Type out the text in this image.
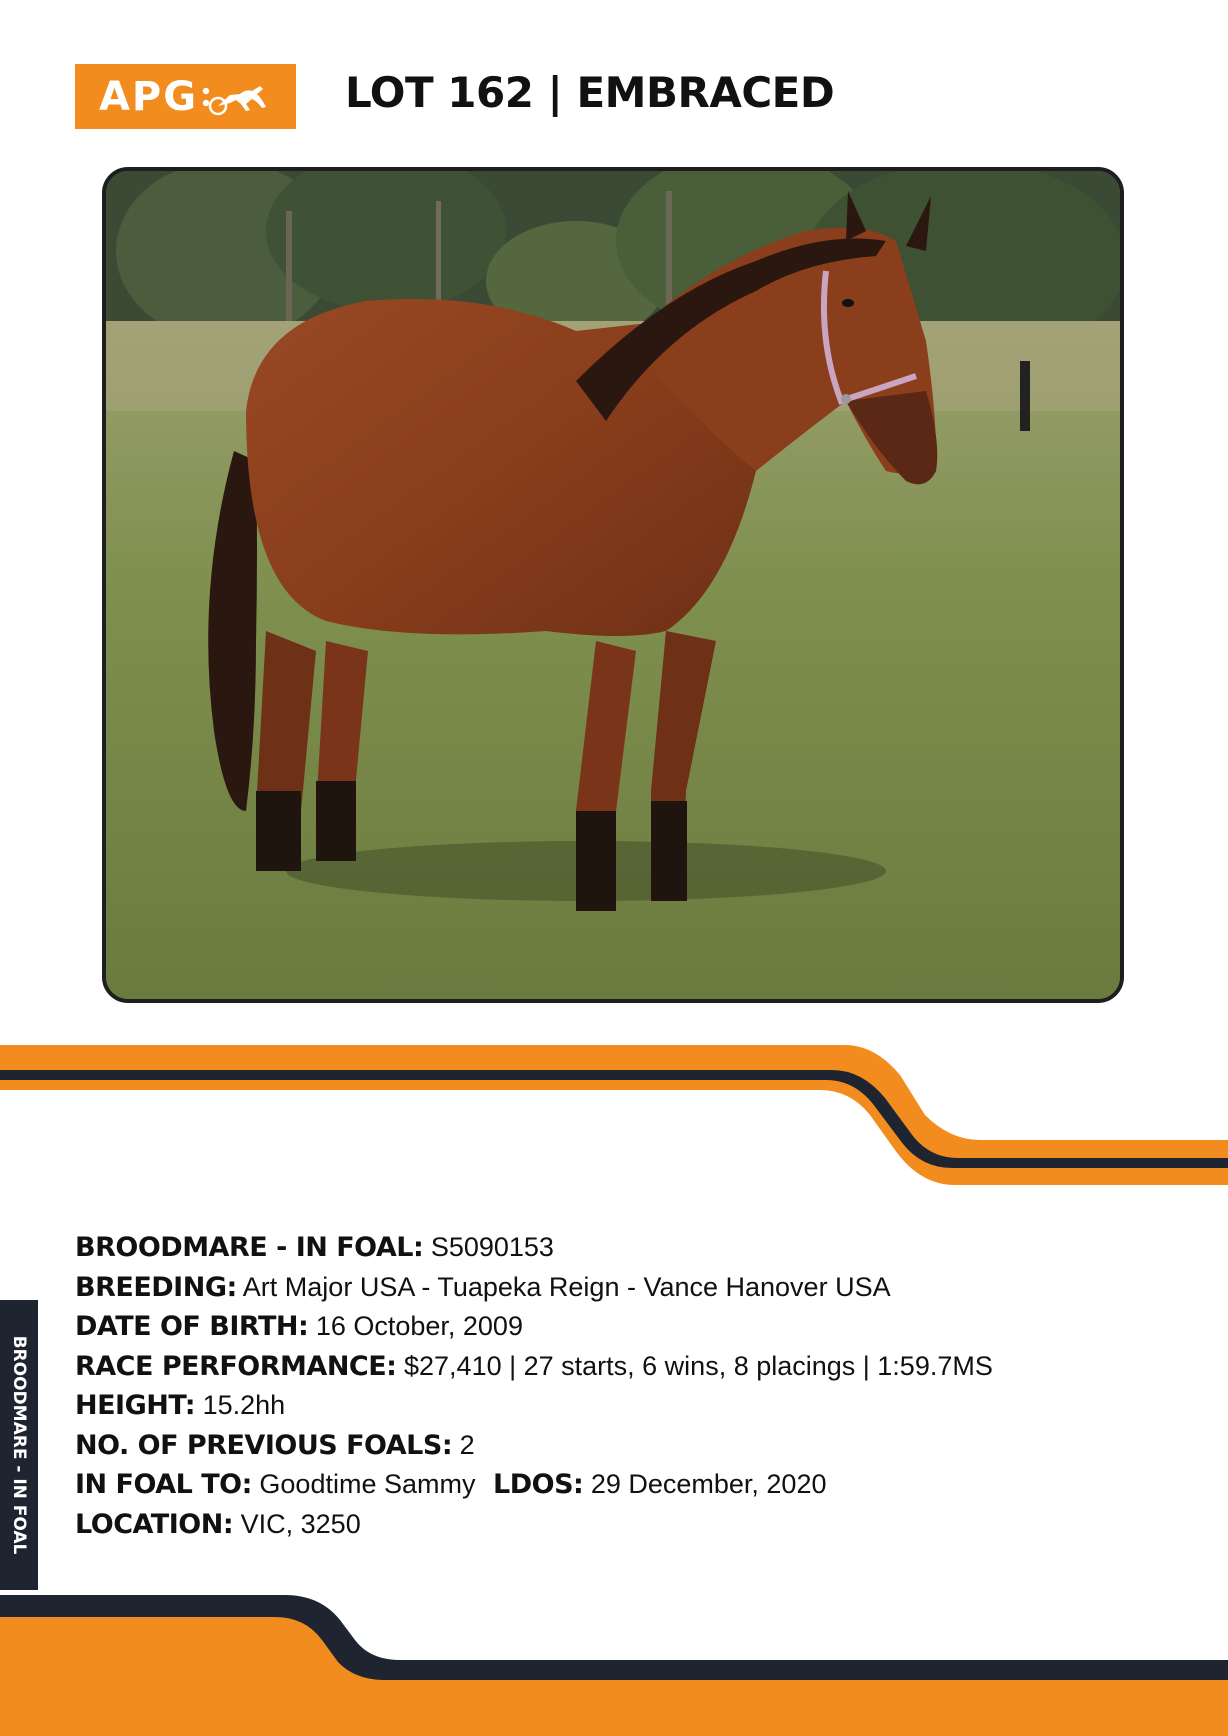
APG	LOT 162 | EMBRACED
BROODMARE - IN FOAL: S5090153
BREEDING: Art Major USA - Tuapeka Reign - Vance Hanover USA
DATE OF BIRTH: 16 October, 2009
RACE PERFORMANCE: $27,410 | 27 starts, 6 wins, 8 placings | 1:59.7MS
HEIGHT: 15.2hh
NO. OF PREVIOUS FOALS: 2
IN FOAL TO: Goodtime Sammy LDOS: 29 December, 2020
LOCATION: VIC, 3250
BROODMARE - IN FOAL
